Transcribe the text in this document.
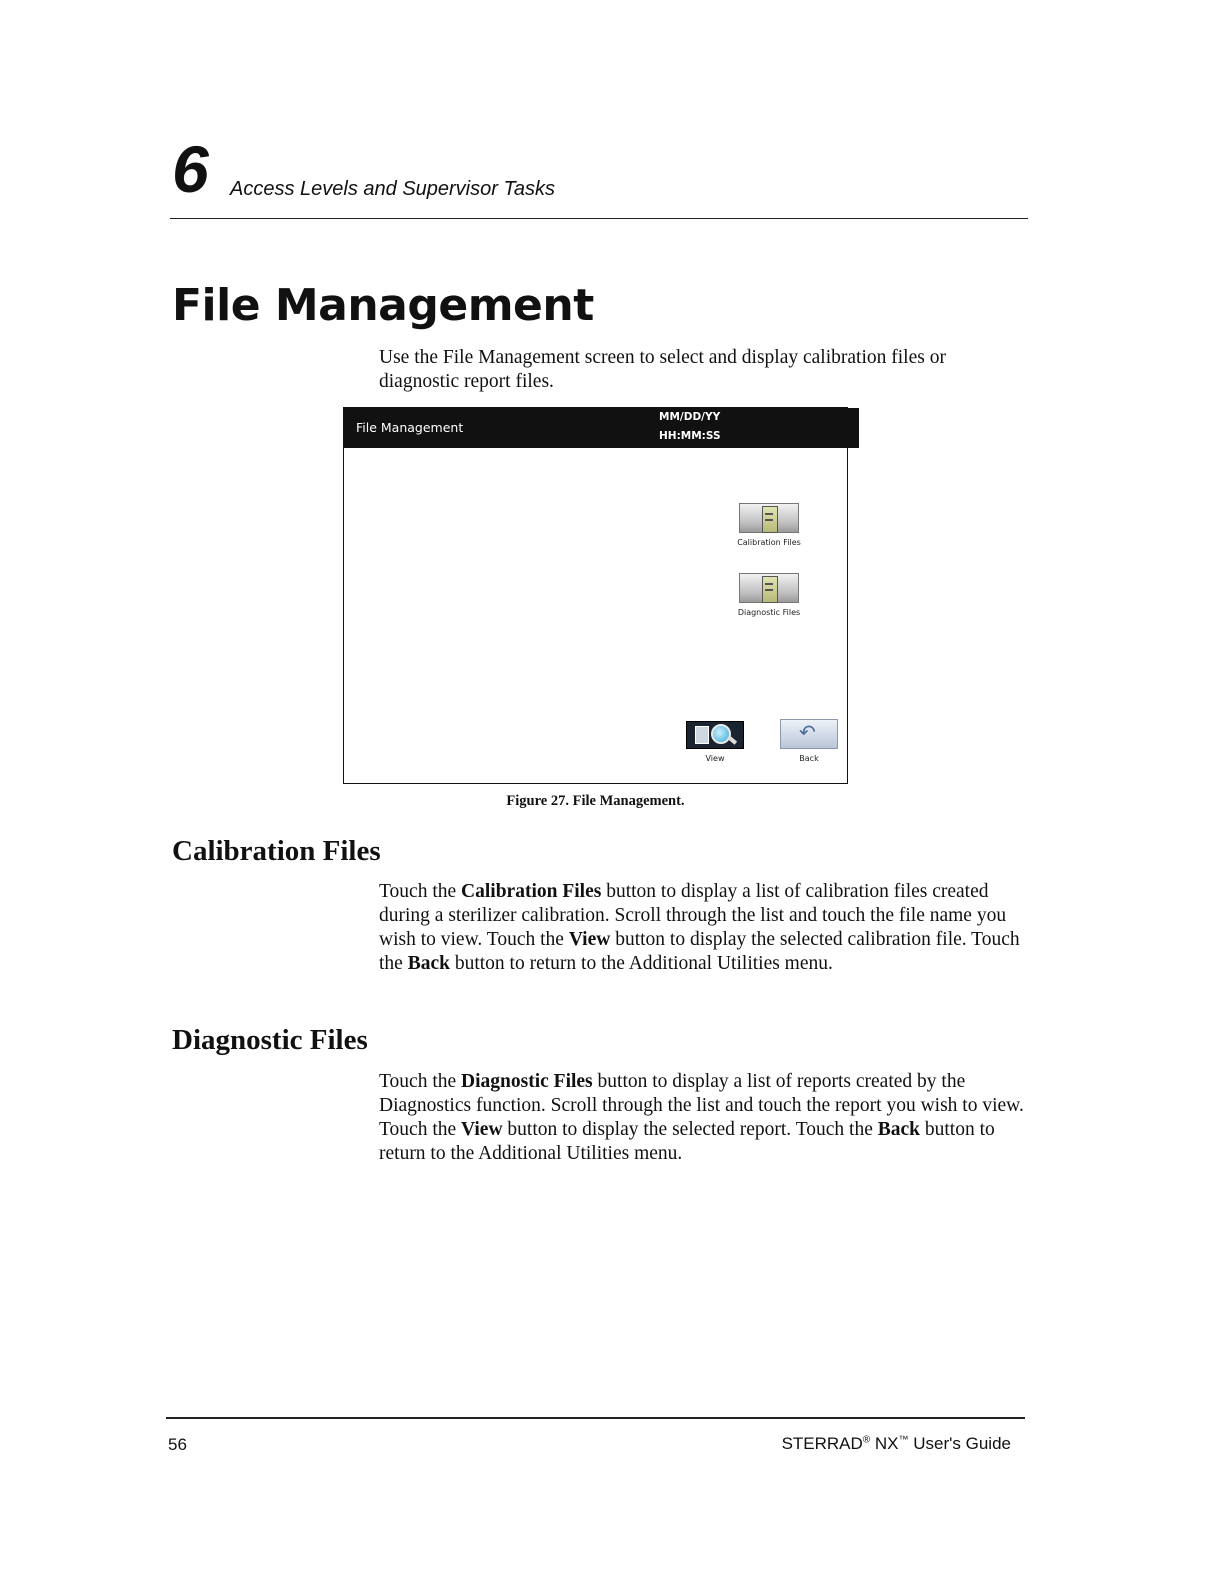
6 Access Levels and Supervisor Tasks
File Management

Use the File Management screen to select and display calibration files or diagnostic report files.

File Management
MM/DD/YY
HH:MM:SS
Calibration Files
Diagnostic Files
View
↶	Back
Figure 27. File Management.
Calibration Files

Touch the Calibration Files button to display a list of calibration files created during a sterilizer calibration. Scroll through the list and touch the file name you wish to view. Touch the View button to display the selected calibration file. Touch the Back button to return to the Additional Utilities menu.

Diagnostic Files

Touch the Diagnostic Files button to display a list of reports created by the Diagnostics function. Scroll through the list and touch the report you wish to view. Touch the View button to display the selected report. Touch the Back button to return to the Additional Utilities menu.

56	STERRAD® NX™ User's Guide
